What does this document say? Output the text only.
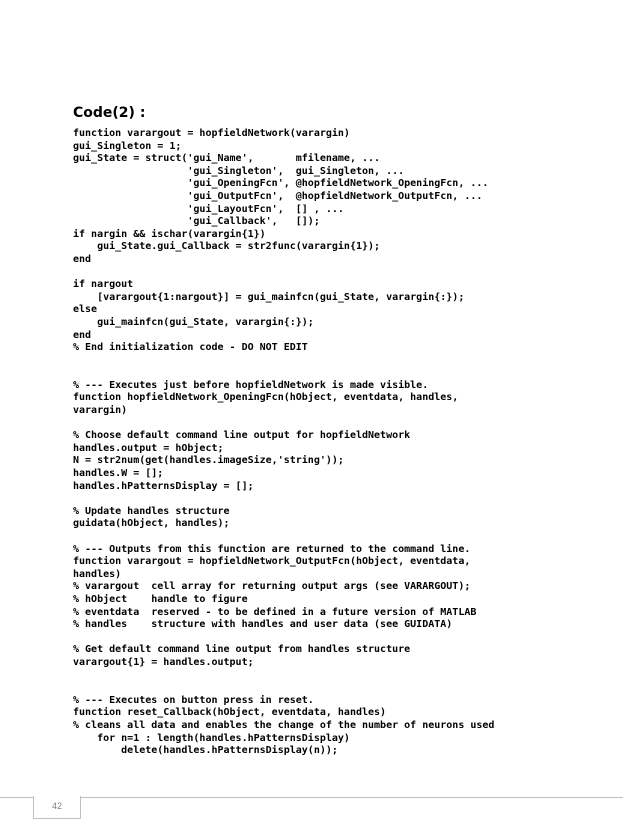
Code(2) :
function varargout = hopfieldNetwork(varargin)
gui_Singleton = 1;
gui_State = struct('gui_Name',       mfilename, ...
'gui_Singleton',  gui_Singleton, ...
'gui_OpeningFcn', @hopfieldNetwork_OpeningFcn, ...
'gui_OutputFcn',  @hopfieldNetwork_OutputFcn, ...
'gui_LayoutFcn',  [] , ...
'gui_Callback',   []);
if nargin && ischar(varargin{1})
gui_State.gui_Callback = str2func(varargin{1});
end
if nargout
[varargout{1:nargout}] = gui_mainfcn(gui_State, varargin{:});
else
gui_mainfcn(gui_State, varargin{:});
end
% End initialization code - DO NOT EDIT
% --- Executes just before hopfieldNetwork is made visible.
function hopfieldNetwork_OpeningFcn(hObject, eventdata, handles,
varargin)
% Choose default command line output for hopfieldNetwork
handles.output = hObject;
N = str2num(get(handles.imageSize,'string'));
handles.W = [];
handles.hPatternsDisplay = [];
% Update handles structure
guidata(hObject, handles);
% --- Outputs from this function are returned to the command line.
function varargout = hopfieldNetwork_OutputFcn(hObject, eventdata,
handles)
% varargout  cell array for returning output args (see VARARGOUT);
% hObject    handle to figure
% eventdata  reserved - to be defined in a future version of MATLAB
% handles    structure with handles and user data (see GUIDATA)
% Get default command line output from handles structure
varargout{1} = handles.output;
% --- Executes on button press in reset.
function reset_Callback(hObject, eventdata, handles)
% cleans all data and enables the change of the number of neurons used
for n=1 : length(handles.hPatternsDisplay)
delete(handles.hPatternsDisplay(n));
42
